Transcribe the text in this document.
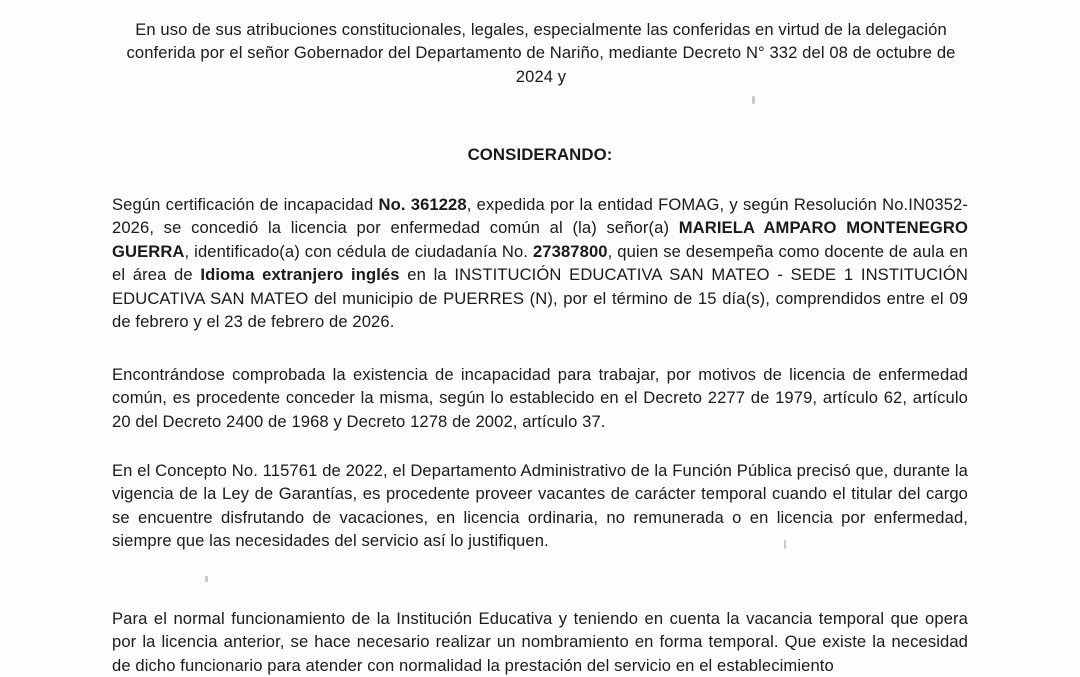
En uso de sus atribuciones constitucionales, legales, especialmente las conferidas en virtud de la delegación conferida por el señor Gobernador del Departamento de Nariño, mediante Decreto N° 332 del 08 de octubre de 2024 y

CONSIDERANDO:

Según certificación de incapacidad No. 361228, expedida por la entidad FOMAG, y según Resolución No.IN0352-2026, se concedió la licencia por enfermedad común al (la) señor(a) MARIELA AMPARO MONTENEGRO GUERRA, identificado(a) con cédula de ciudadanía No. 27387800, quien se desempeña como docente de aula en el área de Idioma extranjero inglés en la INSTITUCIÓN EDUCATIVA SAN MATEO - SEDE 1 INSTITUCIÓN EDUCATIVA SAN MATEO del municipio de PUERRES (N), por el término de 15 día(s), comprendidos entre el 09 de febrero y el 23 de febrero de 2026.

Encontrándose comprobada la existencia de incapacidad para trabajar, por motivos de licencia de enfermedad común, es procedente conceder la misma, según lo establecido en el Decreto 2277 de 1979, artículo 62, artículo 20 del Decreto 2400 de 1968 y Decreto 1278 de 2002, artículo 37.

En el Concepto No. 115761 de 2022, el Departamento Administrativo de la Función Pública precisó que, durante la vigencia de la Ley de Garantías, es procedente proveer vacantes de carácter temporal cuando el titular del cargo se encuentre disfrutando de vacaciones, en licencia ordinaria, no remunerada o en licencia por enfermedad, siempre que las necesidades del servicio así lo justifiquen.

Para el normal funcionamiento de la Institución Educativa y teniendo en cuenta la vacancia temporal que opera por la licencia anterior, se hace necesario realizar un nombramiento en forma temporal. Que existe la necesidad de dicho funcionario para atender con normalidad la prestación del servicio en el establecimiento
